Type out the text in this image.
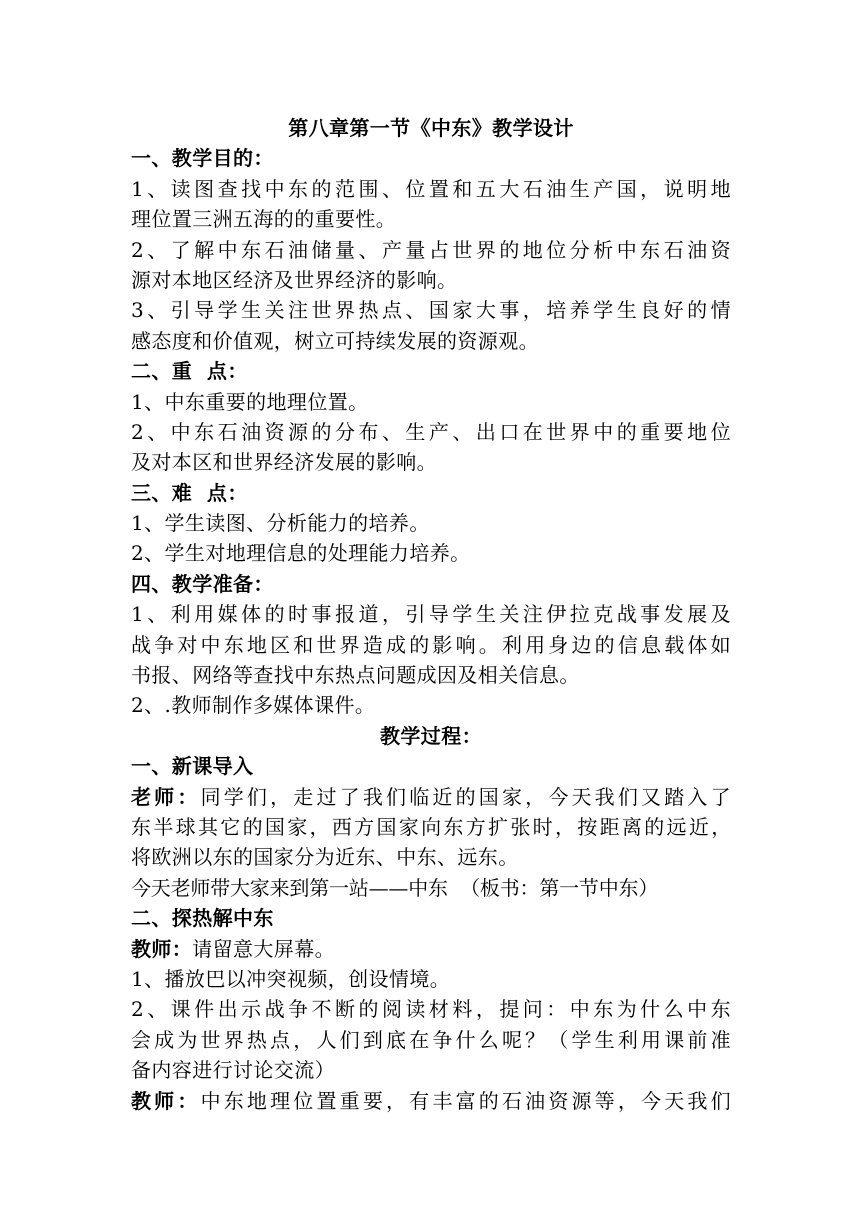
第八章第一节《中东》教学设计
一、教学目的：
1、读图查找中东的范围、位置和五大石油生产国，说明地
理位置三洲五海的的重要性。
2、了解中东石油储量、产量占世界的地位分析中东石油资
源对本地区经济及世界经济的影响。
3、引导学生关注世界热点、国家大事，培养学生良好的情
感态度和价值观，树立可持续发展的资源观。
二、重  点：
1、中东重要的地理位置。
2、中东石油资源的分布、生产、出口在世界中的重要地位
及对本区和世界经济发展的影响。
三、难  点：
1、学生读图、分析能力的培养。
2、学生对地理信息的处理能力培养。
四、教学准备：
1、利用媒体的时事报道，引导学生关注伊拉克战事发展及
战争对中东地区和世界造成的影响。利用身边的信息载体如
书报、网络等查找中东热点问题成因及相关信息。
2、.教师制作多媒体课件。
教学过程：
一、新课导入
老师：同学们，走过了我们临近的国家，今天我们又踏入了
东半球其它的国家，西方国家向东方扩张时，按距离的远近，
将欧洲以东的国家分为近东、中东、远东。
今天老师带大家来到第一站——中东  （板书：第一节中东）
二、探热解中东
教师：请留意大屏幕。
1、播放巴以冲突视频，创设情境。
2、课件出示战争不断的阅读材料，提问：中东为什么中东
会成为世界热点，人们到底在争什么呢？（学生利用课前准
备内容进行讨论交流）
教师：中东地理位置重要，有丰富的石油资源等，今天我们
